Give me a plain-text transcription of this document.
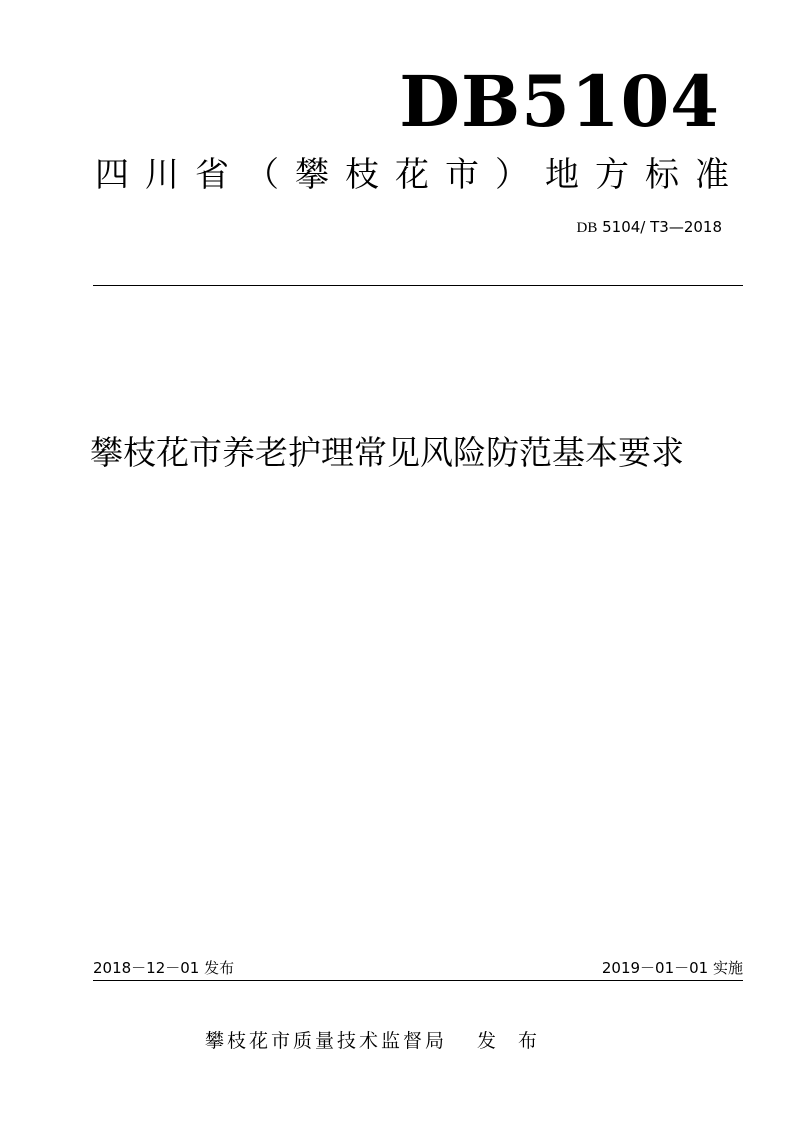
DB5104
四 川 省 （ 攀 枝 花 市 ） 地 方 标 准
DB 5104/ T3—2018
攀枝花市养老护理常见风险防范基本要求
2018－12－01 发布	2019－01－01 实施
攀枝花市质量技术监督局 发 布
